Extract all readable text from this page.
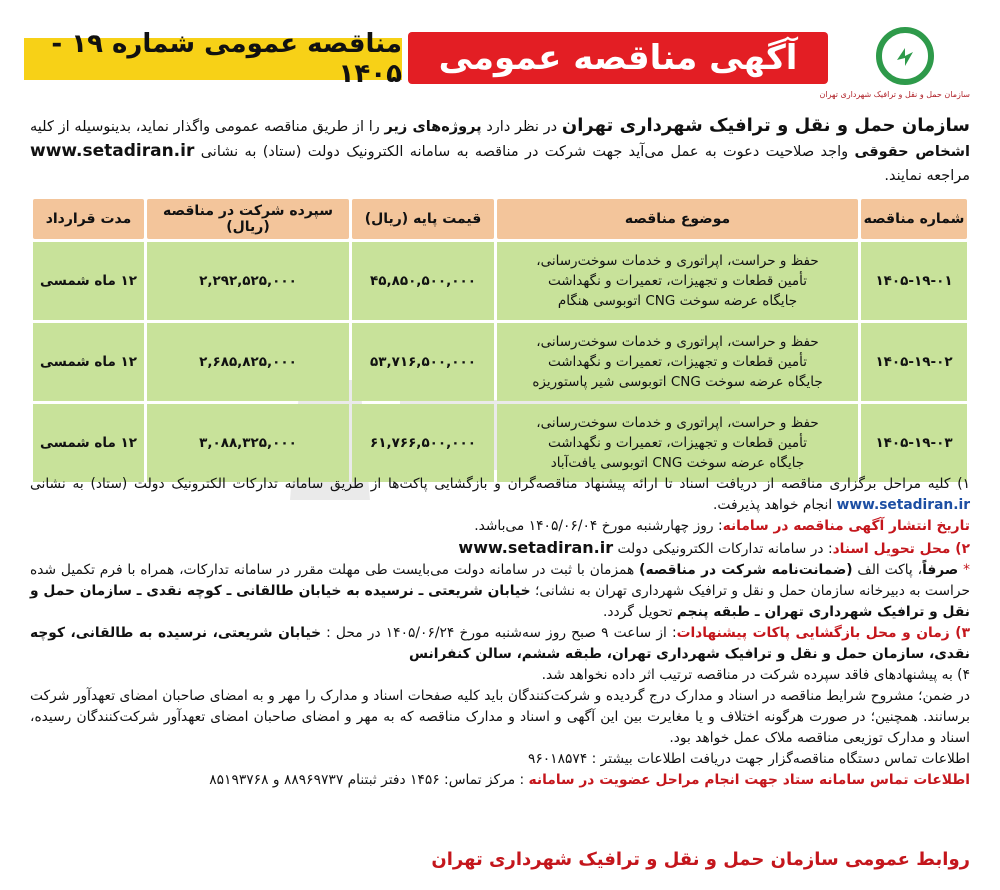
سازمان حمل و نقل و ترافیک شهرداری تهران
آگهی مناقصه عمومی
مناقصه عمومی شماره ۱۹ - ۱۴۰۵
سازمان حمل و نقل و ترافیک شهرداری تهران در نظر دارد پروژه‌های زیر را از طریق مناقصه عمومی واگذار نماید، بدینوسیله از کلیه اشخاص حقوقی واجد صلاحیت دعوت به عمل می‌آید جهت شرکت در مناقصه به سامانه الکترونیک دولت (ستاد) به نشانی www.setadiran.ir مراجعه نمایند.
شماره مناقصه	موضوع مناقصه	قیمت پایه (ریال)	سپرده شرکت در مناقصه (ریال)	مدت قرارداد
۱۴۰۵-۱۹-۰۱	حفظ و حراست، اپراتوری و خدمات سوخت‌رسانی،
تأمین قطعات و تجهیزات، تعمیرات و نگهداشت
جایگاه عرضه سوخت CNG اتوبوسی هنگام	۴۵,۸۵۰,۵۰۰,۰۰۰	۲,۲۹۲,۵۲۵,۰۰۰	۱۲ ماه شمسی
۱۴۰۵-۱۹-۰۲	حفظ و حراست، اپراتوری و خدمات سوخت‌رسانی،
تأمین قطعات و تجهیزات، تعمیرات و نگهداشت
جایگاه عرضه سوخت CNG اتوبوسی شیر پاستوریزه	۵۳,۷۱۶,۵۰۰,۰۰۰	۲,۶۸۵,۸۲۵,۰۰۰	۱۲ ماه شمسی
۱۴۰۵-۱۹-۰۳	حفظ و حراست، اپراتوری و خدمات سوخت‌رسانی،
تأمین قطعات و تجهیزات، تعمیرات و نگهداشت
جایگاه عرضه سوخت CNG اتوبوسی یافت‌آباد	۶۱,۷۶۶,۵۰۰,۰۰۰	۳,۰۸۸,۳۲۵,۰۰۰	۱۲ ماه شمسی

۱) کلیه مراحل برگزاری مناقصه از دریافت اسناد تا ارائه پیشنهاد مناقصه‌گران و بازگشایی پاکت‌ها از طریق سامانه تدارکات الکترونیک دولت (ستاد) به نشانی www.setadiran.ir انجام خواهد پذیرفت.

تاریخ انتشار آگهی مناقصه در سامانه: روز چهارشنبه مورخ ۱۴۰۵/۰۶/۰۴ می‌باشد.

۲) محل تحویل اسناد: در سامانه تدارکات الکترونیکی دولت www.setadiran.ir

* صرفاً، پاکت الف (ضمانت‌نامه شرکت در مناقصه) همزمان با ثبت در سامانه دولت می‌بایست طی مهلت مقرر در سامانه تدارکات، همراه با فرم تکمیل شده حراست به دبیرخانه سازمان حمل و نقل و ترافیک شهرداری تهران به نشانی؛ خیابان شریعتی ـ نرسیده به خیابان طالقانی ـ کوچه نقدی ـ سازمان حمل و نقل و ترافیک شهرداری تهران ـ طبقه پنجم تحویل گردد.

۳) زمان و محل بازگشایی پاکات پیشنهادات: از ساعت ۹ صبح روز سه‌شنبه مورخ ۱۴۰۵/۰۶/۲۴ در محل : خیابان شریعتی، نرسیده به طالقانی، کوچه نقدی، سازمان حمل و نقل و ترافیک شهرداری تهران، طبقه ششم، سالن کنفرانس

۴) به پیشنهادهای فاقد سپرده شرکت در مناقصه ترتیب اثر داده نخواهد شد.

در ضمن؛ مشروح شرایط مناقصه در اسناد و مدارک درج گردیده و شرکت‌کنندگان باید کلیه صفحات اسناد و مدارک را مهر و به امضای صاحبان امضای تعهدآور شرکت برسانند. همچنین؛ در صورت هرگونه اختلاف و یا مغایرت بین این آگهی و اسناد و مدارک مناقصه که به مهر و امضای صاحبان امضای تعهدآور شرکت‌کنندگان رسیده، اسناد و مدارک توزیعی مناقصه ملاک عمل خواهد بود.

اطلاعات تماس دستگاه مناقصه‌گزار جهت دریافت اطلاعات بیشتر : ۹۶۰۱۸۵۷۴

اطلاعات تماس سامانه ستاد جهت انجام مراحل عضویت در سامانه : مرکز تماس: ۱۴۵۶ دفتر ثبتنام ۸۸۹۶۹۷۳۷ و ۸۵۱۹۳۷۶۸

روابط عمومی سازمان حمل و نقل و ترافیک شهرداری تهران
